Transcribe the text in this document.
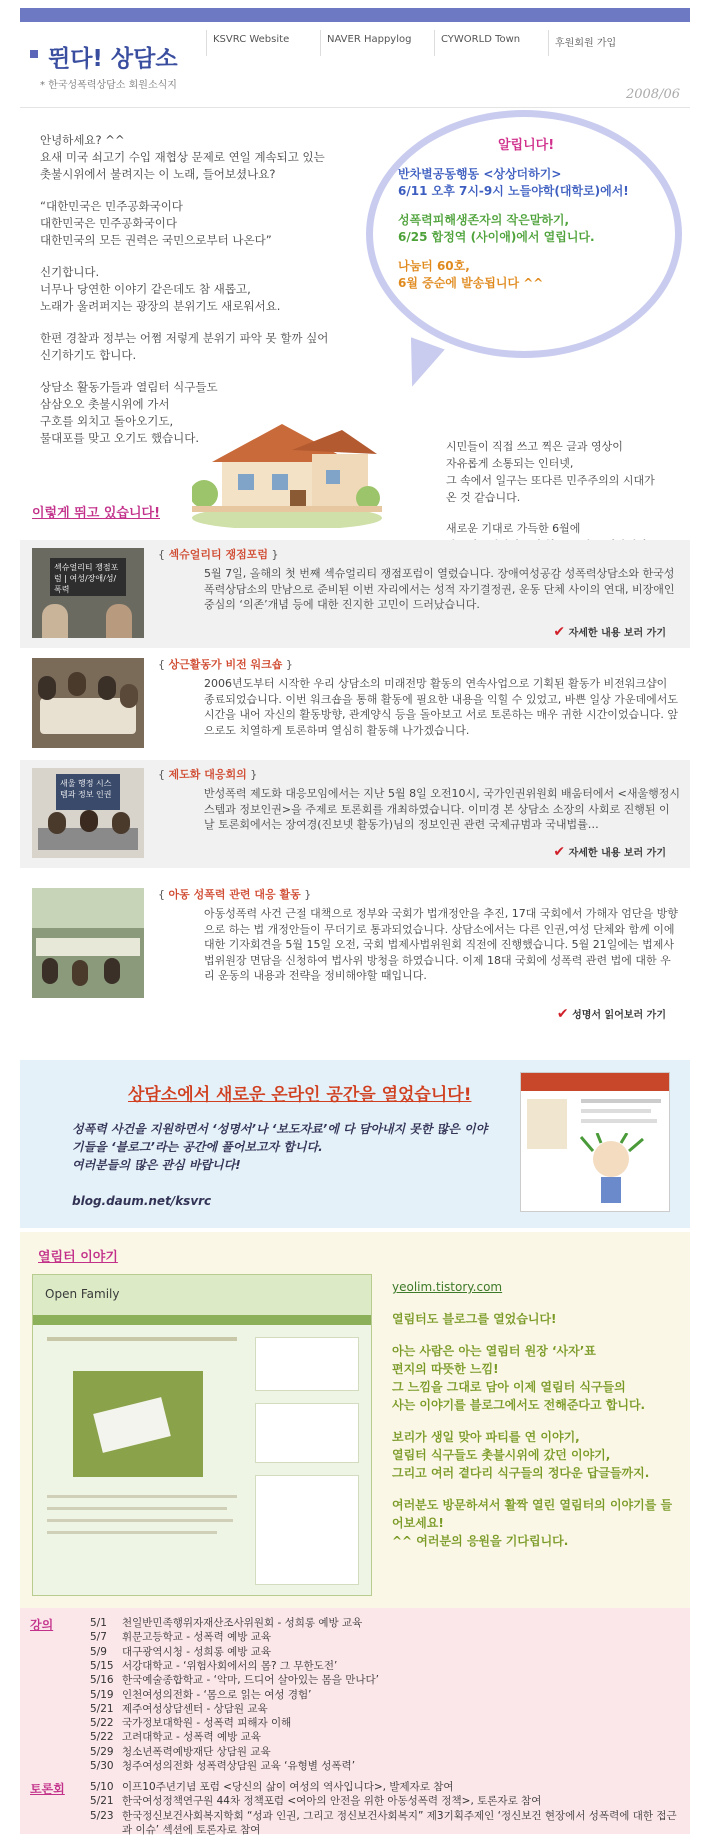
뛴다! 상담소
* 한국성폭력상담소 회원소식지
KSVRC Website	NAVER Happylog	CYWORLD Town	후원회원 가입
2008/06

안녕하세요? ^^
요새 미국 쇠고기 수입 재협상 문제로 연일 계속되고 있는
촛불시위에서 불려지는 이 노래, 들어보셨나요?

“대한민국은 민주공화국이다
대한민국은 민주공화국이다
대한민국의 모든 권력은 국민으로부터 나온다”

신기합니다.
너무나 당연한 이야기 같은데도 참 새롭고,
노래가 울려퍼지는 광장의 분위기도 새로워서요.

한편 경찰과 정부는 어쩜 저렇게 분위기 파악 못 할까 싶어
신기하기도 합니다.

상담소 활동가들과 열림터 식구들도
삼삼오오 촛불시위에 가서
구호를 외치고 돌아오기도,
물대포를 맞고 오기도 했습니다.

이렇게 뛰고 있습니다!
알립니다!

반차별공동행동 <상상더하기>
6/11 오후 7시-9시 노들야학(대학로)에서!

성폭력피해생존자의 작은말하기,
6/25 합정역 (사이애)에서 열립니다.

나눔터 60호,
6월 중순에 발송됩니다 ^^

시민들이 직접 쓰고 찍은 글과 영상이
자유롭게 소통되는 인터넷,
그 속에서 일구는 또다른 민주주의의 시대가
온 것 같습니다.

새로운 기대로 가득한 6월에

섹슈얼리티 쟁점포럼 | 여성/장애/성/폭력
{ 섹슈얼리티 쟁점포럼 }
5월 7일, 올해의 첫 번째 섹슈얼리티 쟁점포럼이 열렸습니다. 장애여성공감 성폭력상담소와 한국성폭력상담소의 만남으로 준비된 이번 자리에서는 성적 자기결정권, 운동 단체 사이의 연대, 비장애인중심의 ‘의존’개념 등에 대한 진지한 고민이 드러났습니다.
✔ 자세한 내용 보러 가기
{ 상근활동가 비전 워크숍 }
2006년도부터 시작한 우리 상담소의 미래전망 활동의 연속사업으로 기획된 활동가 비전워크샵이 종료되었습니다. 이번 워크숍을 통해 활동에 필요한 내용을 익힐 수 있었고, 바쁜 일상 가운데에서도 시간을 내어 자신의 활동방향, 관계양식 등을 돌아보고 서로 토론하는 매우 귀한 시간이었습니다. 앞으로도 치열하게 토론하며 열심히 활동해 나가겠습니다.
새울 행정 시스템과 정보 인권
{ 제도화 대응회의 }
반성폭력 제도화 대응모임에서는 지난 5월 8일 오전10시, 국가인권위원회 배움터에서 <새울행정시스템과 정보인권>을 주제로 토론회를 개최하였습니다. 이미경 본 상담소 소장의 사회로 진행된 이날 토론회에서는 장여경(진보넷 활동가)님의 정보인권 관련 국제규범과 국내법률…
✔ 자세한 내용 보러 가기
{ 아동 성폭력 관련 대응 활동 }
아동성폭력 사건 근절 대책으로 정부와 국회가 법개정안을 추진, 17대 국회에서 가해자 엄단을 방향으로 하는 법 개정안들이 무더기로 통과되었습니다. 상담소에서는 다른 인권,여성 단체와 함께 이에 대한 기자회견을 5월 15일 오전, 국회 법제사법위원회 직전에 진행했습니다. 5월 21일에는 법제사법위원장 면담을 신청하여 법사위 방청을 하였습니다. 이제 18대 국회에 성폭력 관련 법에 대한 우리 운동의 내용과 전략을 정비해야할 때입니다.
✔ 성명서 읽어보러 가기
상담소에서 새로운 온라인 공간을 열었습니다!
성폭력 사건을 지원하면서 ‘성명서’나 ‘보도자료’에 다 담아내지 못한 많은 이야기들을 ‘블로그’라는 공간에 풀어보고자 합니다.
여러분들의 많은 관심 바랍니다!
blog.daum.net/ksvrc
열림터 이야기
Open Family	yeolim.tistory.com

열림터도 블로그를 열었습니다!

아는 사람은 아는 열림터 원장 ‘사자’표
편지의 따뜻한 느낌!
그 느낌을 그대로 담아 이제 열림터 식구들의
사는 이야기를 블로그에서도 전해준다고 합니다.

보리가 생일 맞아 파티를 연 이야기,
열림터 식구들도 촛불시위에 갔던 이야기,
그리고 여러 곁다리 식구들의 정다운 답글들까지.

여러분도 방문하셔서 활짝 열린 열림터의 이야기를 들어보세요!
^^ 여러분의 응원을 기다립니다.

강의
토론회
5/1	천일반민족행위자재산조사위원회 - 성희롱 예방 교육
5/7	휘문고등학교 - 성폭력 예방 교육
5/9	대구광역시청 - 성희롱 예방 교육
5/15 서강대학교 - ‘위험사회에서의 몸? 그 무한도전’
5/16 한국예술종합학교 - ‘악마, 드디어 살아있는 몸을 만나다’
5/19 인천여성의전화 - ‘몸으로 읽는 여성 경험’
5/21 제주여성상담센터 - 상담원 교육
5/22 국가정보대학원 - 성폭력 피해자 이해
5/22 고려대학교 - 성폭력 예방 교육
5/29 청소년폭력예방재단 상담원 교육
5/30 청주여성의전화 성폭력상담원 교육 ‘유형별 성폭력’
5/10 이프10주년기념 포럼 <당신의 삶이 여성의 역사입니다>, 발제자로 참여
5/21 한국여성정책연구원 44차 정책포럼 <여아의 안전을 위한 아동성폭력 정책>, 토론자로 참여
5/23 한국정신보건사회복지학회 “성과 인권, 그리고 정신보건사회복지” 제3기획주제인 ‘정신보건 현장에서 성폭력에 대한 접근과 이슈’ 섹션에 토론자로 참여
